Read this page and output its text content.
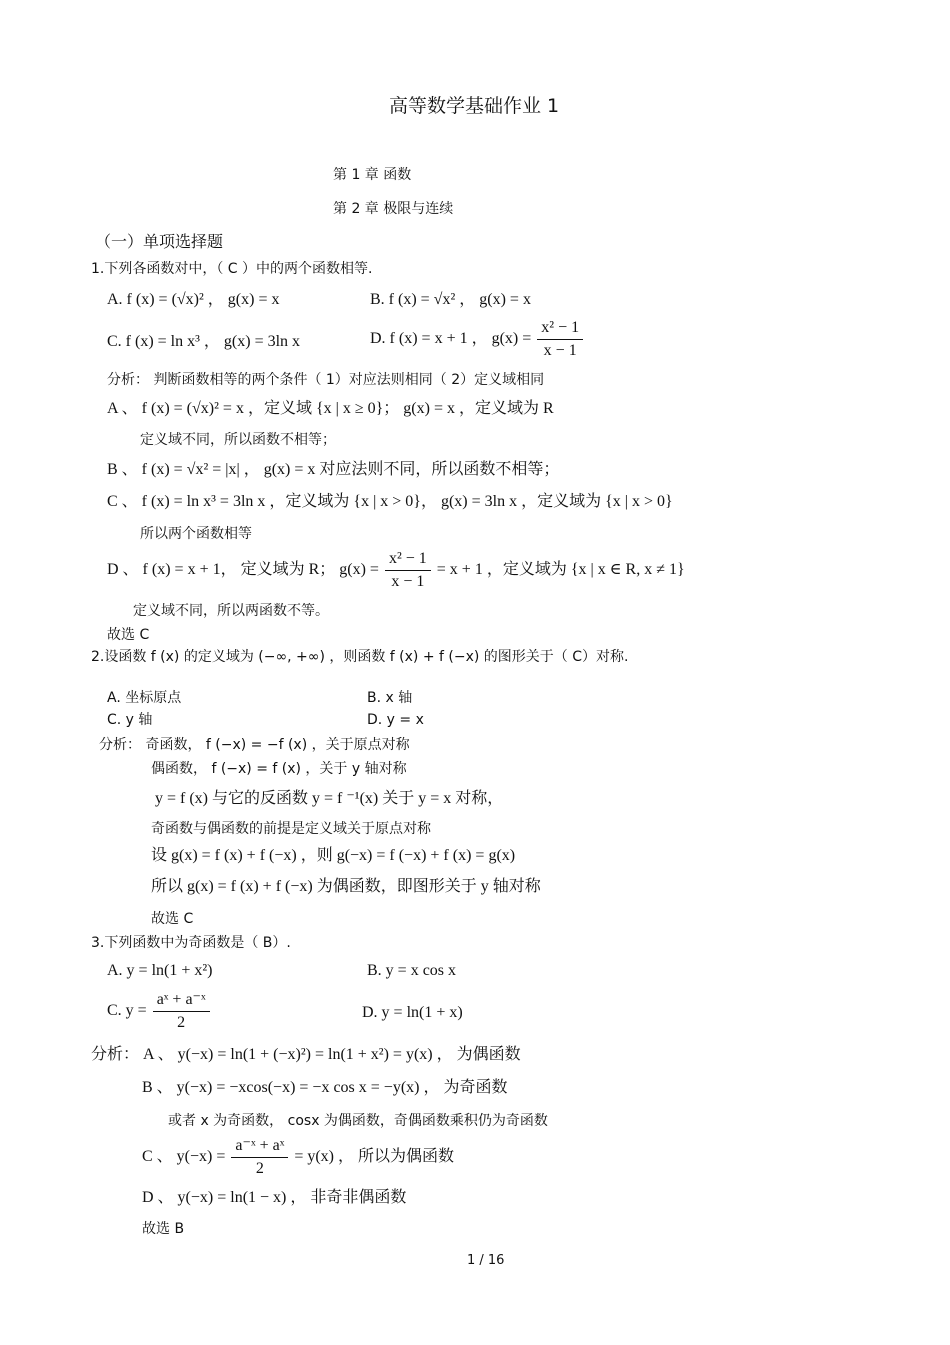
高等数学基础作业 1
第 1 章 函数
第 2 章 极限与连续
（一）单项选择题
1.下列各函数对中，（ C ）中的两个函数相等.
A. f (x) = (√x)² ， g(x) = x	B. f (x) = √x² ， g(x) = x
C. f (x) = ln x³ ， g(x) = 3ln x	D. f (x) = x + 1 ， $g(x) = \frac{\text{x² − 1}}{x - 1}$
分析： 判断函数相等的两个条件（ 1）对应法则相同（ 2）定义域相同
A 、 f (x) = (√x)² = x ，定义域 {x | x ≥ 0}； g(x) = x ，定义域为 R
定义域不同，所以函数不相等；
B 、 f (x) = √x² = |x| ， g(x) = x 对应法则不同，所以函数不相等；
C 、 f (x) = ln x³ = 3ln x ，定义域为 {x | x > 0}， g(x) = 3ln x ，定义域为 {x | x > 0}
所以两个函数相等
D 、 f (x) = x + 1， 定义域为 R； $g(x) = \frac{\text{x² − 1}}{x - 1} = x + 1$ ，定义域为 {x | x ∈ R, x ≠ 1}
定义域不同，所以两函数不等。
故选 C
2.设函数 f (x) 的定义域为 (−∞, +∞) ，则函数 f (x) + f (−x) 的图形关于（ C）对称.
A. 坐标原点	B. x 轴
C. y 轴	D. y = x
分析： 奇函数， f (−x) = −f (x) ，关于原点对称
偶函数， f (−x) = f (x) ，关于 y 轴对称
y = f (x) 与它的反函数 y = f ⁻¹(x) 关于 y = x 对称，
奇函数与偶函数的前提是定义域关于原点对称
设 g(x) = f (x) + f (−x) ，则 g(−x) = f (−x) + f (x) = g(x)
所以 g(x) = f (x) + f (−x) 为偶函数，即图形关于 y 轴对称
故选 C
3.下列函数中为奇函数是（ B）.
A. y = ln(1 + x²)	B. y = x cos x
C. $y = \frac{\text{aˣ + a⁻ˣ}}{2}$	D. y = ln(1 + x)
分析： A 、 y(−x) = ln(1 + (−x)²) = ln(1 + x²) = y(x) ， 为偶函数
B 、 y(−x) = −xcos(−x) = −x cos x = −y(x) ， 为奇函数
或者 x 为奇函数， cosx 为偶函数，奇偶函数乘积仍为奇函数
C 、 $y(-x) = \frac{\text{a⁻ˣ + aˣ}}{2} = y(x)$ ， 所以为偶函数
D 、 y(−x) = ln(1 − x) ， 非奇非偶函数
故选 B
1 / 16
